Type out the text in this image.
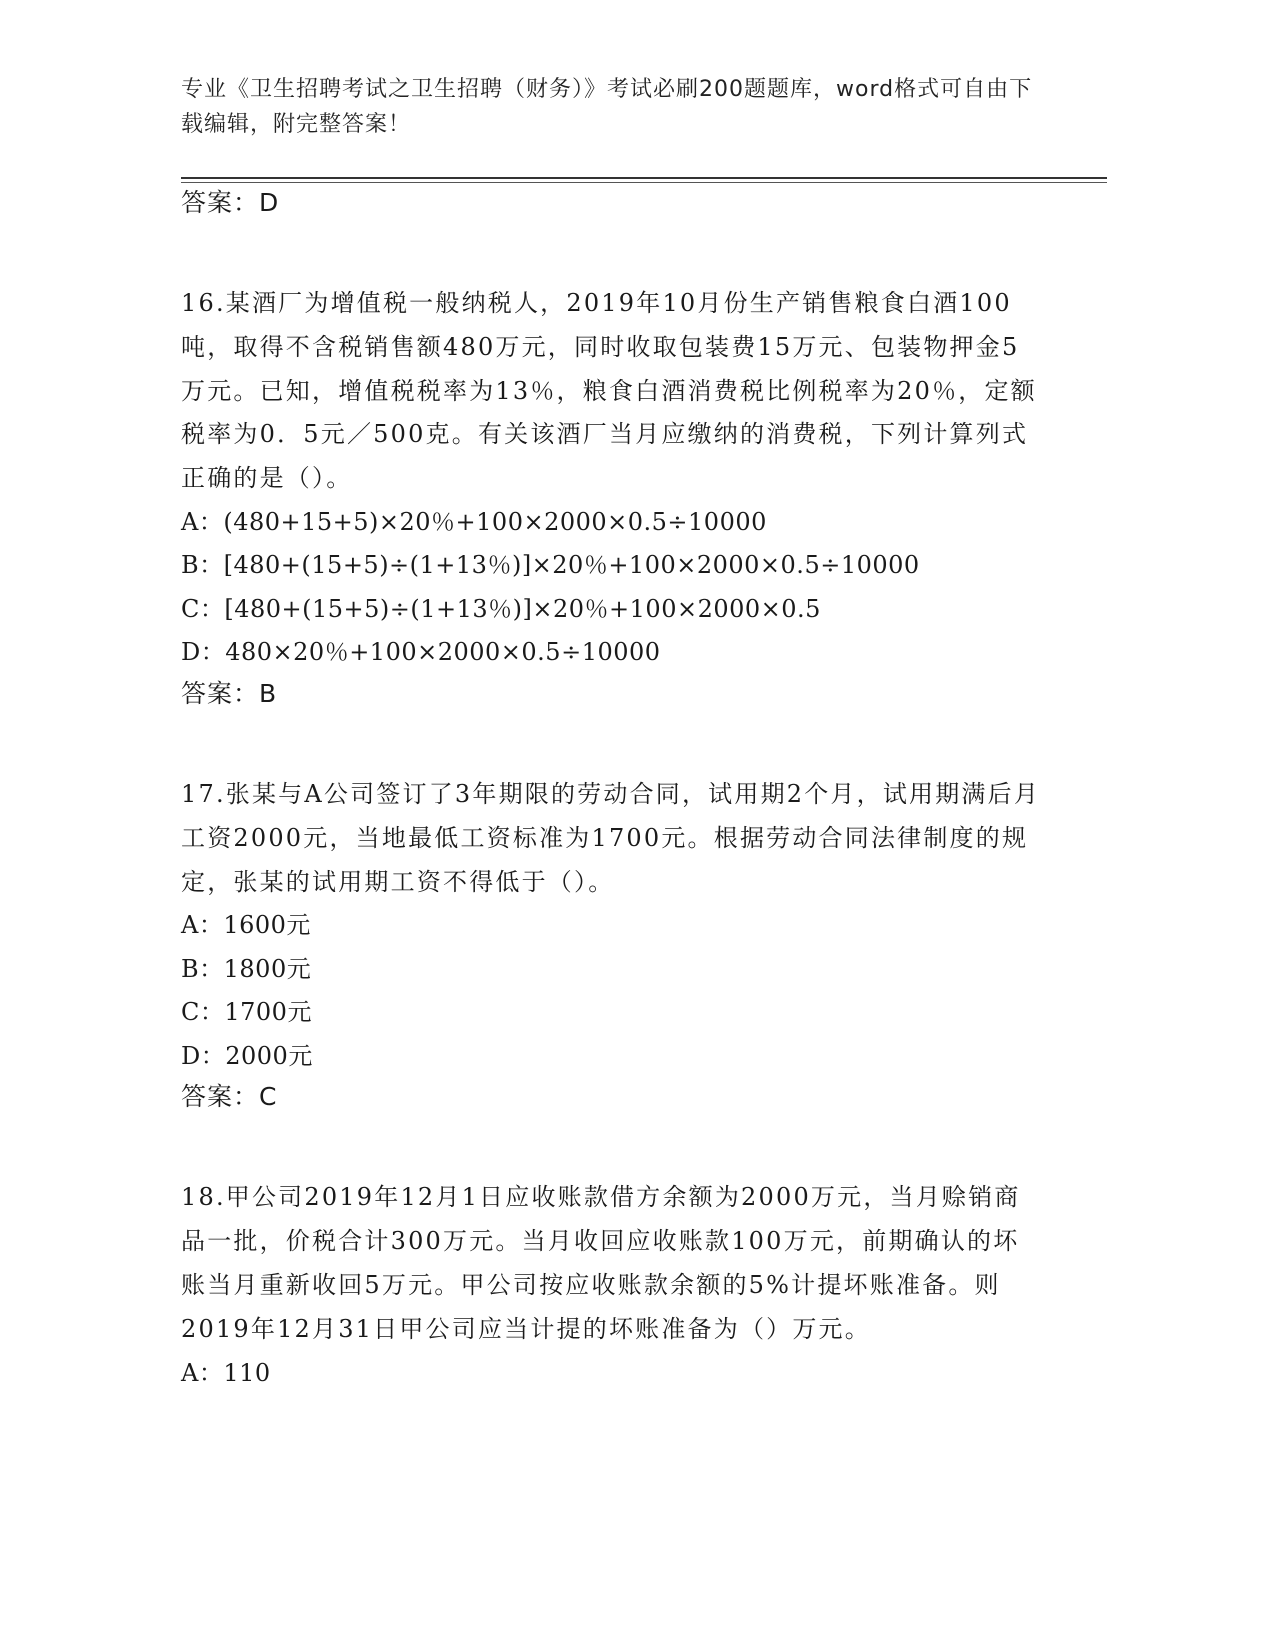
专业《卫生招聘考试之卫生招聘（财务）》考试必刷200题题库，word格式可自由下载编辑，附完整答案！

答案：D

16.某酒厂为增值税一般纳税人，2019年10月份生产销售粮食白酒100吨，取得不含税销售额480万元，同时收取包装费15万元、包装物押金5万元。已知，增值税税率为13％，粮食白酒消费税比例税率为20％，定额税率为0．5元／500克。有关该酒厂当月应缴纳的消费税，下列计算列式正确的是（）。

A：(480+15+5)×20％+100×2000×0.5÷10000

B：[480+(15+5)÷(1+13％)]×20％+100×2000×0.5÷10000

C：[480+(15+5)÷(1+13％)]×20％+100×2000×0.5

D：480×20％+100×2000×0.5÷10000

答案：B

17.张某与A公司签订了3年期限的劳动合同，试用期2个月，试用期满后月工资2000元，当地最低工资标准为1700元。根据劳动合同法律制度的规定，张某的试用期工资不得低于（）。

A：1600元

B：1800元

C：1700元

D：2000元

答案：C

18.甲公司2019年12月1日应收账款借方余额为2000万元，当月赊销商品一批，价税合计300万元。当月收回应收账款100万元，前期确认的坏账当月重新收回5万元。甲公司按应收账款余额的5%计提坏账准备。则2019年12月31日甲公司应当计提的坏账准备为（）万元。

A：110
